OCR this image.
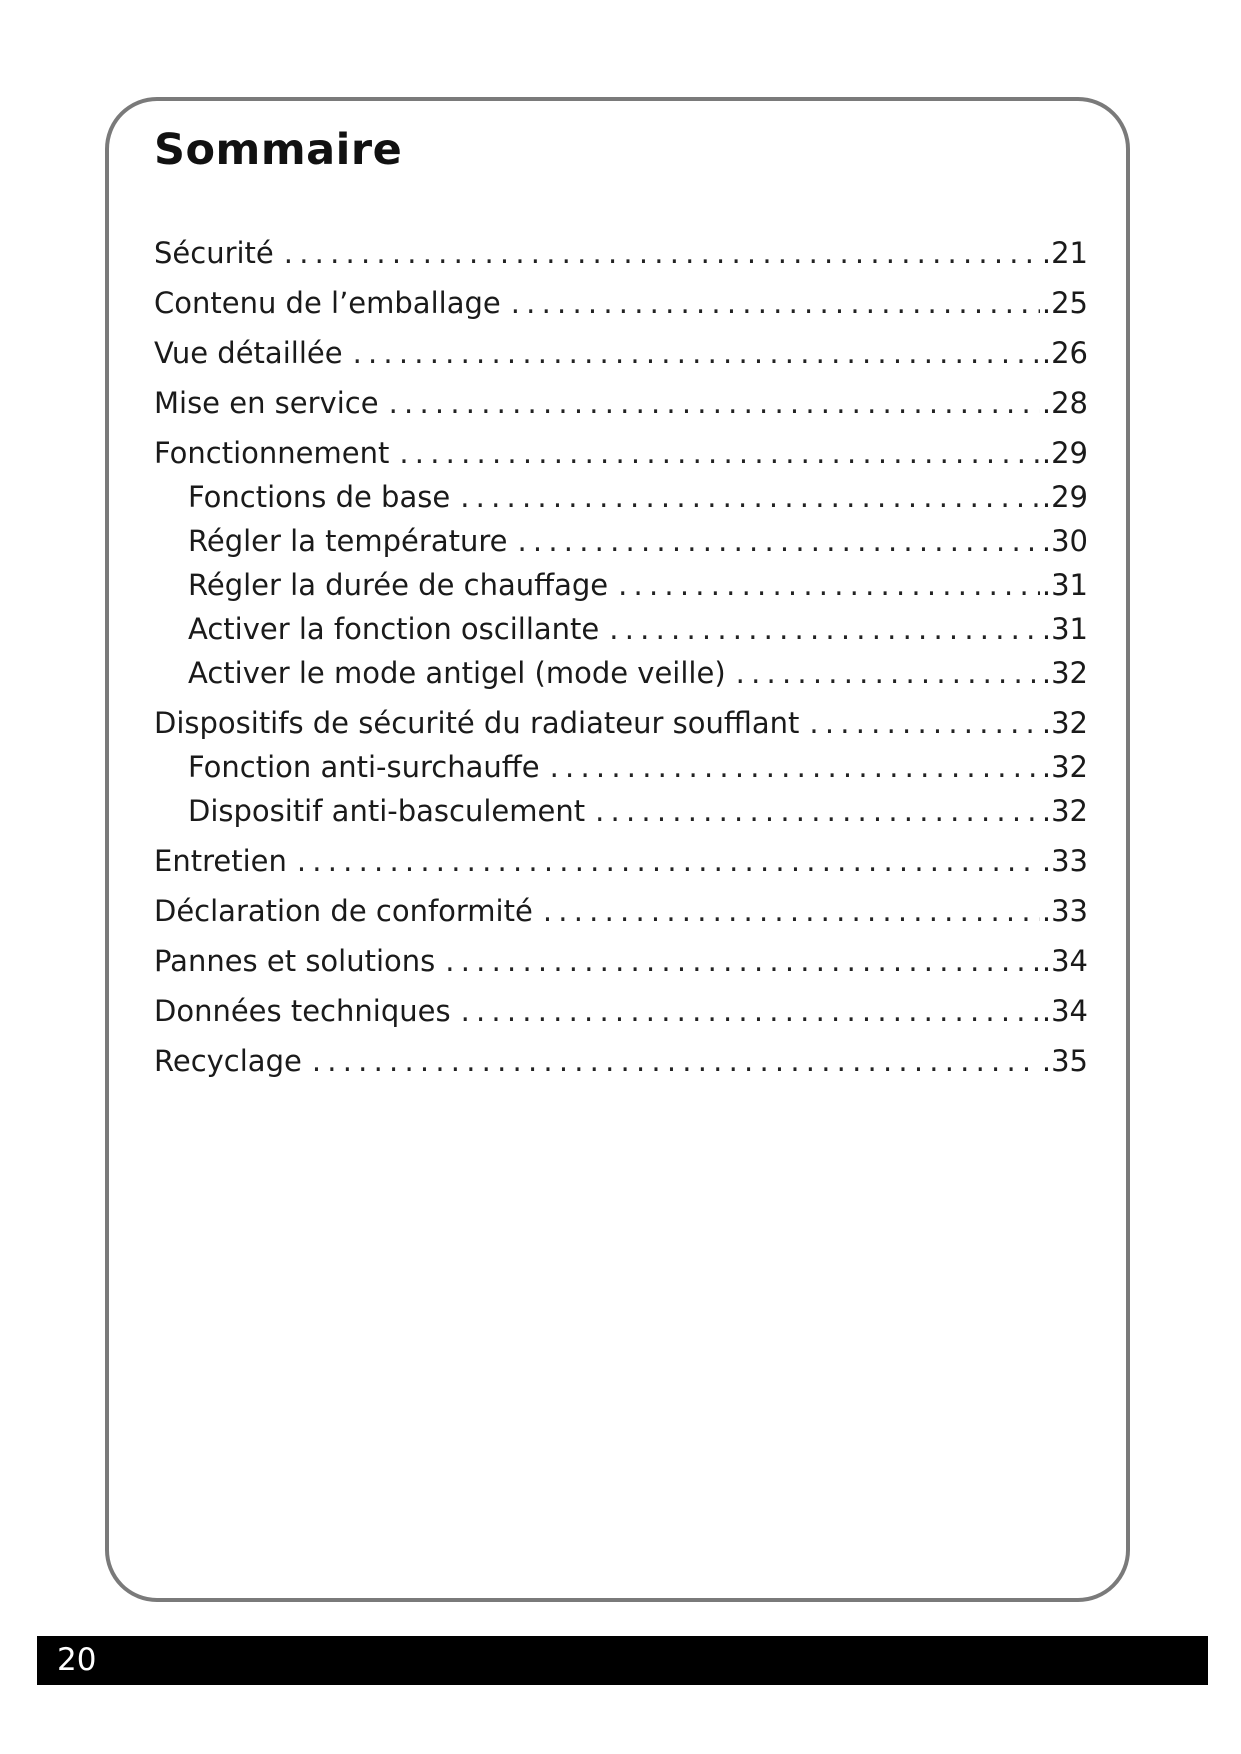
Sommaire
Sécurité . . .	.21
Contenu de l’emballage . . .	.25
Vue détaillée . . .	.26
Mise en service . . .	.28
Fonctionnement . . .	.29
Fonctions de base . . .	.29
Régler la température . . .	.30
Régler la durée de chauffage . . .	.31
Activer la fonction oscillante . . .	.31
Activer le mode antigel (mode veille) . . .	.32
Dispositifs de sécurité du radiateur soufflant . . .	.32
Fonction anti-surchauffe . . .	.32
Dispositif anti-basculement . . .	.32
Entretien . . .	.33
Déclaration de conformité . . .	.33
Pannes et solutions . . .	.34
Données techniques . . .	.34
Recyclage . . .	.35
20
